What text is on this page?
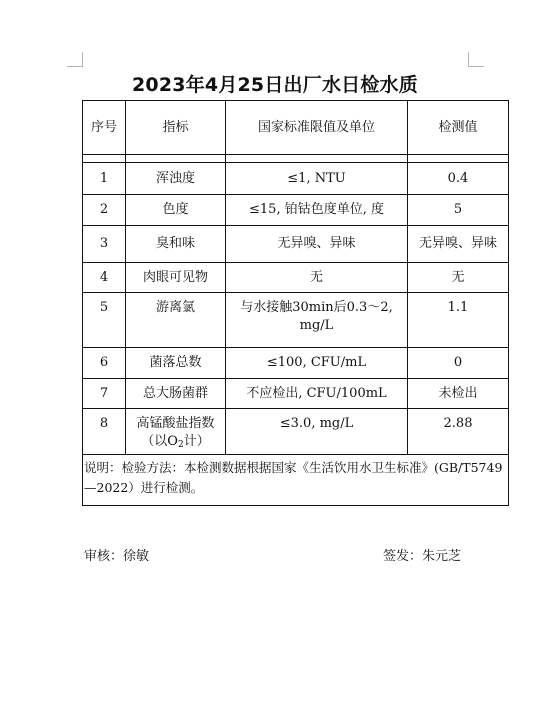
2023年4月25日出厂水日检水质
序号	指标	国家标准限值及单位	检测值

1	浑浊度	≤1, NTU	0.4
2	色度	≤15, 铂钴色度单位, 度	5
3	臭和味	无异嗅、异味	无异嗅、异味
4	肉眼可见物	无	无
5	游离氯	与水接触30min后0.3～2,
mg/L	1.1
6	菌落总数	≤100, CFU/mL	0
7	总大肠菌群	不应检出, CFU/100mL	未检出
8	高锰酸盐指数
（以$O_2$计）	≤3.0, mg/L	2.88
说明：检验方法：本检测数据根据国家《生活饮用水卫生标准》(GB/T5749—2022）进行检测。			
审核：徐敏	签发：朱元芝
